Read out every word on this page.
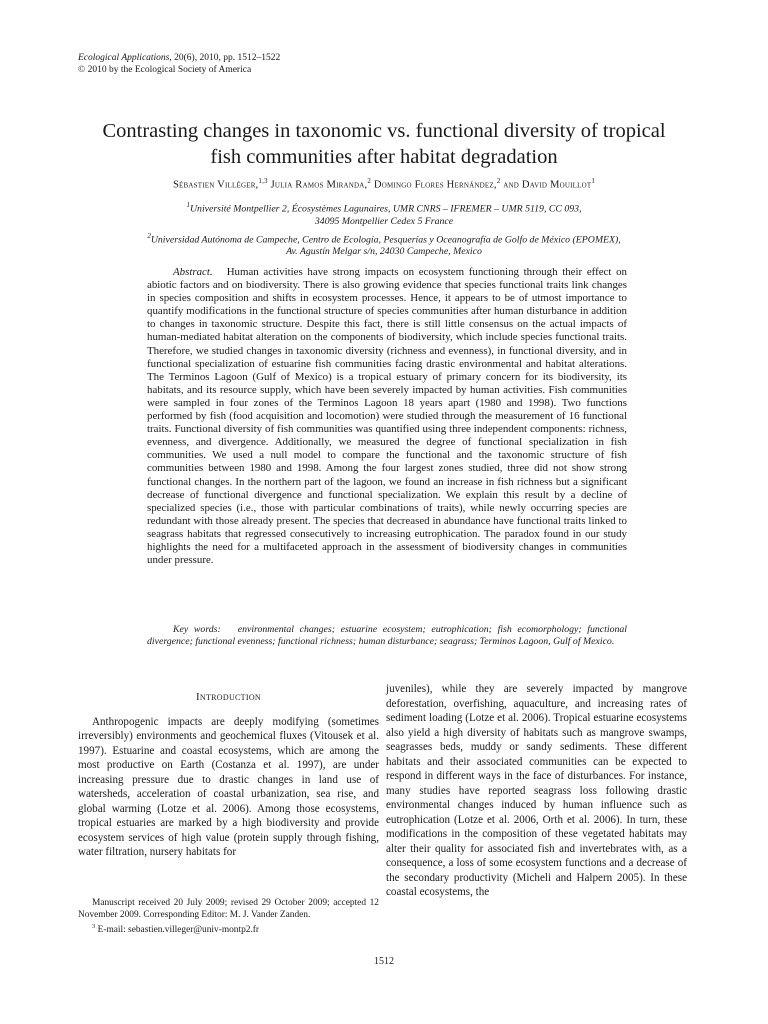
Ecological Applications, 20(6), 2010, pp. 1512–1522
© 2010 by the Ecological Society of America
Contrasting changes in taxonomic vs. functional diversity of tropical fish communities after habitat degradation
Sébastien Villéger,$^{1,3}$ Julia Ramos Miranda,$^2$ Domingo Flores Hernández,$^2$ and David Mouillot$^1$

$^1$Université Montpellier 2, Écosystèmes Lagunaires, UMR CNRS – IFREMER – UMR 5119, CC 093,
34095 Montpellier Cedex 5 France

$^2$Universidad Autónoma de Campeche, Centro de Ecología, Pesquerías y Oceanografía de Golfo de México (EPOMEX),
Av. Agustín Melgar s/n, 24030 Campeche, Mexico

Abstract. Human activities have strong impacts on ecosystem functioning through their effect on abiotic factors and on biodiversity. There is also growing evidence that species functional traits link changes in species composition and shifts in ecosystem processes. Hence, it appears to be of utmost importance to quantify modifications in the functional structure of species communities after human disturbance in addition to changes in taxonomic structure. Despite this fact, there is still little consensus on the actual impacts of human-mediated habitat alteration on the components of biodiversity, which include species functional traits. Therefore, we studied changes in taxonomic diversity (richness and evenness), in functional diversity, and in functional specialization of estuarine fish communities facing drastic environmental and habitat alterations. The Terminos Lagoon (Gulf of Mexico) is a tropical estuary of primary concern for its biodiversity, its habitats, and its resource supply, which have been severely impacted by human activities. Fish communities were sampled in four zones of the Terminos Lagoon 18 years apart (1980 and 1998). Two functions performed by fish (food acquisition and locomotion) were studied through the measurement of 16 functional traits. Functional diversity of fish communities was quantified using three independent components: richness, evenness, and divergence. Additionally, we measured the degree of functional specialization in fish communities. We used a null model to compare the functional and the taxonomic structure of fish communities between 1980 and 1998. Among the four largest zones studied, three did not show strong functional changes. In the northern part of the lagoon, we found an increase in fish richness but a significant decrease of functional divergence and functional specialization. We explain this result by a decline of specialized species (i.e., those with particular combinations of traits), while newly occurring species are redundant with those already present. The species that decreased in abundance have functional traits linked to seagrass habitats that regressed consecutively to increasing eutrophication. The paradox found in our study highlights the need for a multifaceted approach in the assessment of biodiversity changes in communities under pressure.

Key words: environmental changes; estuarine ecosystem; eutrophication; fish ecomorphology; functional divergence; functional evenness; functional richness; human disturbance; seagrass; Terminos Lagoon, Gulf of Mexico.

Introduction

Anthropogenic impacts are deeply modifying (sometimes irreversibly) environments and geochemical fluxes (Vitousek et al. 1997). Estuarine and coastal ecosystems, which are among the most productive on Earth (Costanza et al. 1997), are under increasing pressure due to drastic changes in land use of watersheds, acceleration of coastal urbanization, sea rise, and global warming (Lotze et al. 2006). Among those ecosystems, tropical estuaries are marked by a high biodiversity and provide ecosystem services of high value (protein supply through fishing, water filtration, nursery habitats for

juveniles), while they are severely impacted by mangrove deforestation, overfishing, aquaculture, and increasing rates of sediment loading (Lotze et al. 2006). Tropical estuarine ecosystems also yield a high diversity of habitats such as mangrove swamps, seagrasses beds, muddy or sandy sediments. These different habitats and their associated communities can be expected to respond in different ways in the face of disturbances. For instance, many studies have reported seagrass loss following drastic environmental changes induced by human influence such as eutrophication (Lotze et al. 2006, Orth et al. 2006). In turn, these modifications in the composition of these vegetated habitats may alter their quality for associated fish and invertebrates with, as a consequence, a loss of some ecosystem functions and a decrease of the secondary productivity (Micheli and Halpern 2005). In these coastal ecosystems, the

Manuscript received 20 July 2009; revised 29 October 2009; accepted 12 November 2009. Corresponding Editor: M. J. Vander Zanden.

$^3$ E-mail: sebastien.villeger@univ-montp2.fr

1512
